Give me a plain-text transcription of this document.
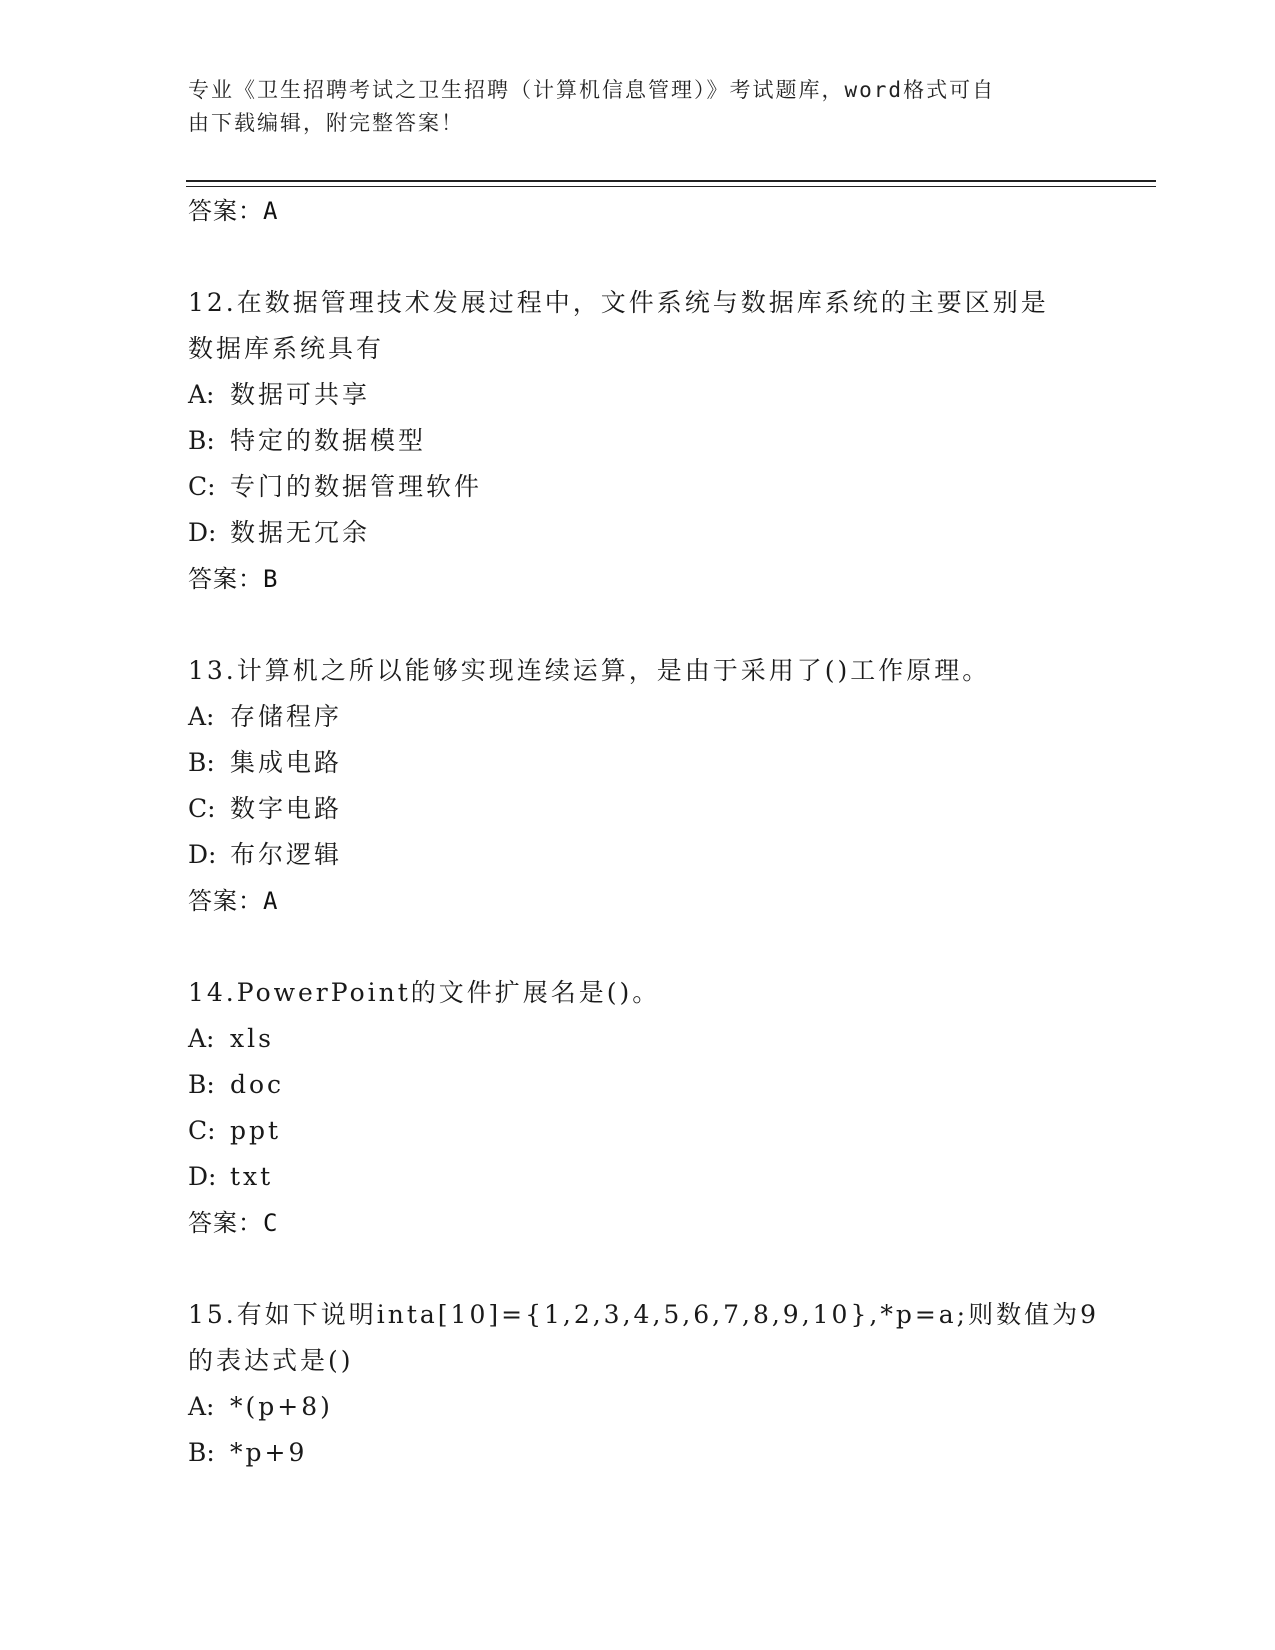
专业《卫生招聘考试之卫生招聘（计算机信息管理）》考试题库，word格式可自
由下载编辑，附完整答案！
答案：A
12.在数据管理技术发展过程中，文件系统与数据库系统的主要区别是
数据库系统具有
A: 数据可共享
B: 特定的数据模型
C: 专门的数据管理软件
D: 数据无冗余
答案：B
13.计算机之所以能够实现连续运算，是由于采用了()工作原理。
A: 存储程序
B: 集成电路
C: 数字电路
D: 布尔逻辑
答案：A
14.PowerPoint的文件扩展名是()。
A: xls
B: doc
C: ppt
D: txt
答案：C
15.有如下说明inta[10]={1,2,3,4,5,6,7,8,9,10},*p=a;则数值为9
的表达式是()
A: *(p+8)
B: *p+9
